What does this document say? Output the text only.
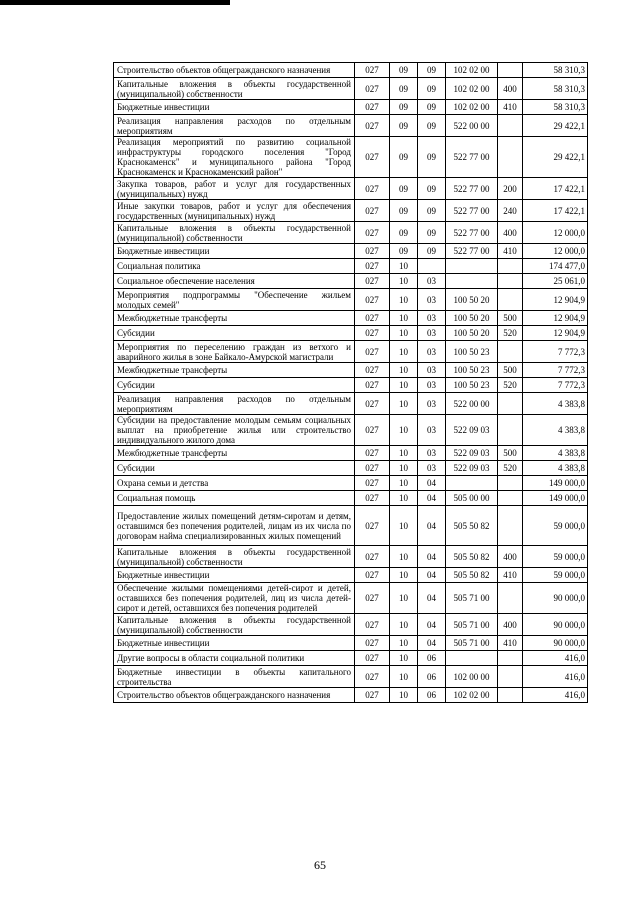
Строительство объектов общегражданского назначения	027	09	09	102 02 00		58 310,3
Капитальные вложения в объекты государственной (муниципальной) собственности	027	09	09	102 02 00	400	58 310,3
Бюджетные инвестиции	027	09	09	102 02 00	410	58 310,3
Реализация направления расходов по отдельным мероприятиям	027	09	09	522 00 00		29 422,1
Реализация мероприятий по развитию социальной инфраструктуры городского поселения "Город Краснокаменск" и муниципального района "Город Краснокаменск и Краснокаменский район"	027	09	09	522 77 00		29 422,1
Закупка товаров, работ и услуг для государственных (муниципальных) нужд	027	09	09	522 77 00	200	17 422,1
Иные закупки товаров, работ и услуг для обеспечения государственных (муниципальных) нужд	027	09	09	522 77 00	240	17 422,1
Капитальные вложения в объекты государственной (муниципальной) собственности	027	09	09	522 77 00	400	12 000,0
Бюджетные инвестиции	027	09	09	522 77 00	410	12 000,0
Социальная политика	027	10				174 477,0
Социальное обеспечение населения	027	10	03			25 061,0
Мероприятия подпрограммы "Обеспечение жильем молодых семей"	027	10	03	100 50 20		12 904,9
Межбюджетные трансферты	027	10	03	100 50 20	500	12 904,9
Субсидии	027	10	03	100 50 20	520	12 904,9
Мероприятия по переселению граждан из ветхого и аварийного жилья в зоне Байкало-Амурской магистрали	027	10	03	100 50 23		7 772,3
Межбюджетные трансферты	027	10	03	100 50 23	500	7 772,3
Субсидии	027	10	03	100 50 23	520	7 772,3
Реализация направления расходов по отдельным мероприятиям	027	10	03	522 00 00		4 383,8
Субсидии на предоставление молодым семьям социальных выплат на приобретение жилья или строительство индивидуального жилого дома	027	10	03	522 09 03		4 383,8
Межбюджетные трансферты	027	10	03	522 09 03	500	4 383,8
Субсидии	027	10	03	522 09 03	520	4 383,8
Охрана семьи и детства	027	10	04			149 000,0
Социальная помощь	027	10	04	505 00 00		149 000,0
Предоставление жилых помещений детям-сиротам и детям, оставшимся без попечения родителей, лицам из их числа по договорам найма специализированных жилых помещений	027	10	04	505 50 82		59 000,0
Капитальные вложения в объекты государственной (муниципальной) собственности	027	10	04	505 50 82	400	59 000,0
Бюджетные инвестиции	027	10	04	505 50 82	410	59 000,0
Обеспечение жилыми помещениями детей-сирот и детей, оставшихся без попечения родителей, лиц из числа детей-сирот и детей, оставшихся без попечения родителей	027	10	04	505 71 00		90 000,0
Капитальные вложения в объекты государственной (муниципальной) собственности	027	10	04	505 71 00	400	90 000,0
Бюджетные инвестиции	027	10	04	505 71 00	410	90 000,0
Другие вопросы в области социальной политики	027	10	06			416,0
Бюджетные инвестиции в объекты капитального строительства	027	10	06	102 00 00		416,0
Строительство объектов общегражданского назначения	027	10	06	102 02 00		416,0
65
